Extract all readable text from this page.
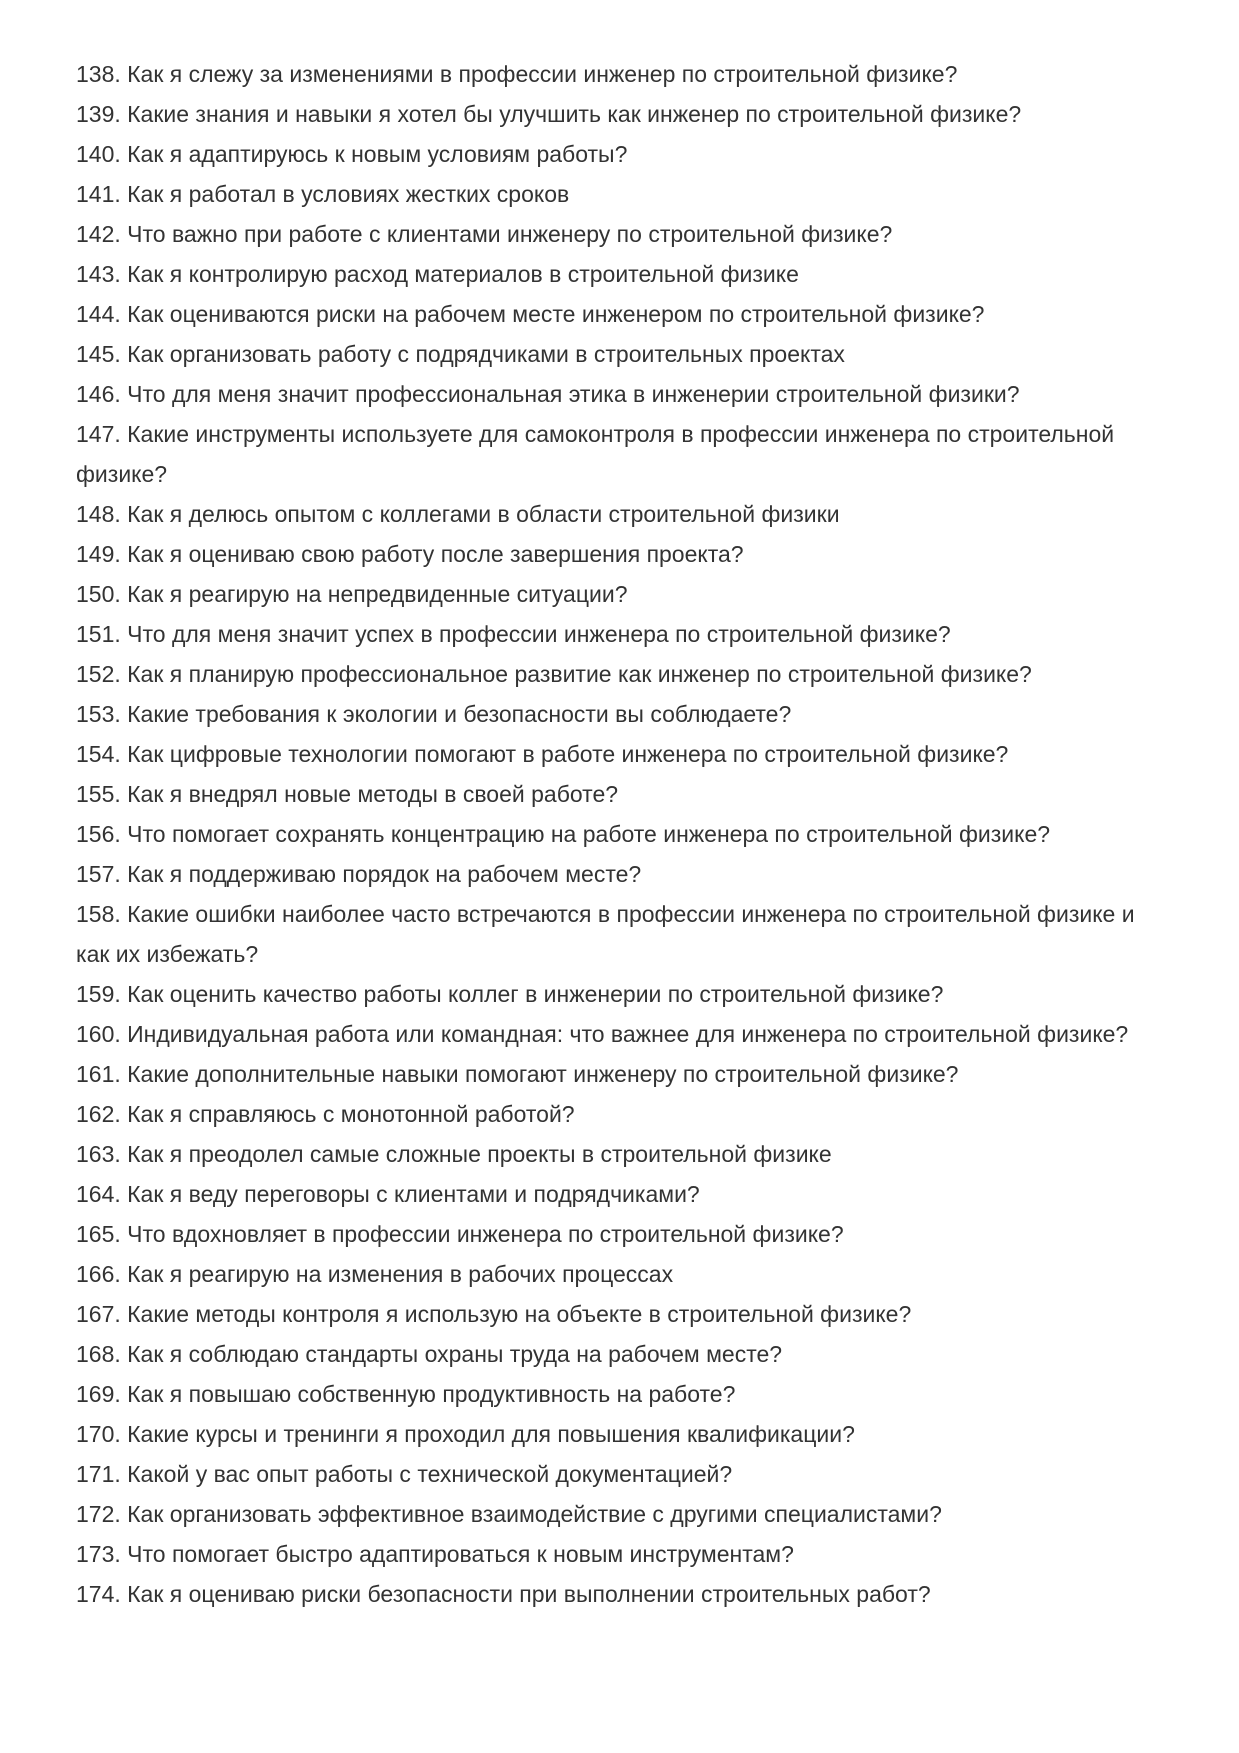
138. Как я слежу за изменениями в профессии инженер по строительной физике?

139. Какие знания и навыки я хотел бы улучшить как инженер по строительной физике?

140. Как я адаптируюсь к новым условиям работы?

141. Как я работал в условиях жестких сроков

142. Что важно при работе с клиентами инженеру по строительной физике?

143. Как я контролирую расход материалов в строительной физике

144. Как оцениваются риски на рабочем месте инженером по строительной физике?

145. Как организовать работу с подрядчиками в строительных проектах

146. Что для меня значит профессиональная этика в инженерии строительной физики?

147. Какие инструменты используете для самоконтроля в профессии инженера по строительной физике?

148. Как я делюсь опытом с коллегами в области строительной физики

149. Как я оцениваю свою работу после завершения проекта?

150. Как я реагирую на непредвиденные ситуации?

151. Что для меня значит успех в профессии инженера по строительной физике?

152. Как я планирую профессиональное развитие как инженер по строительной физике?

153. Какие требования к экологии и безопасности вы соблюдаете?

154. Как цифровые технологии помогают в работе инженера по строительной физике?

155. Как я внедрял новые методы в своей работе?

156. Что помогает сохранять концентрацию на работе инженера по строительной физике?

157. Как я поддерживаю порядок на рабочем месте?

158. Какие ошибки наиболее часто встречаются в профессии инженера по строительной физике и как их избежать?

159. Как оценить качество работы коллег в инженерии по строительной физике?

160. Индивидуальная работа или командная: что важнее для инженера по строительной физике?

161. Какие дополнительные навыки помогают инженеру по строительной физике?

162. Как я справляюсь с монотонной работой?

163. Как я преодолел самые сложные проекты в строительной физике

164. Как я веду переговоры с клиентами и подрядчиками?

165. Что вдохновляет в профессии инженера по строительной физике?

166. Как я реагирую на изменения в рабочих процессах

167. Какие методы контроля я использую на объекте в строительной физике?

168. Как я соблюдаю стандарты охраны труда на рабочем месте?

169. Как я повышаю собственную продуктивность на работе?

170. Какие курсы и тренинги я проходил для повышения квалификации?

171. Какой у вас опыт работы с технической документацией?

172. Как организовать эффективное взаимодействие с другими специалистами?

173. Что помогает быстро адаптироваться к новым инструментам?

174. Как я оцениваю риски безопасности при выполнении строительных работ?
